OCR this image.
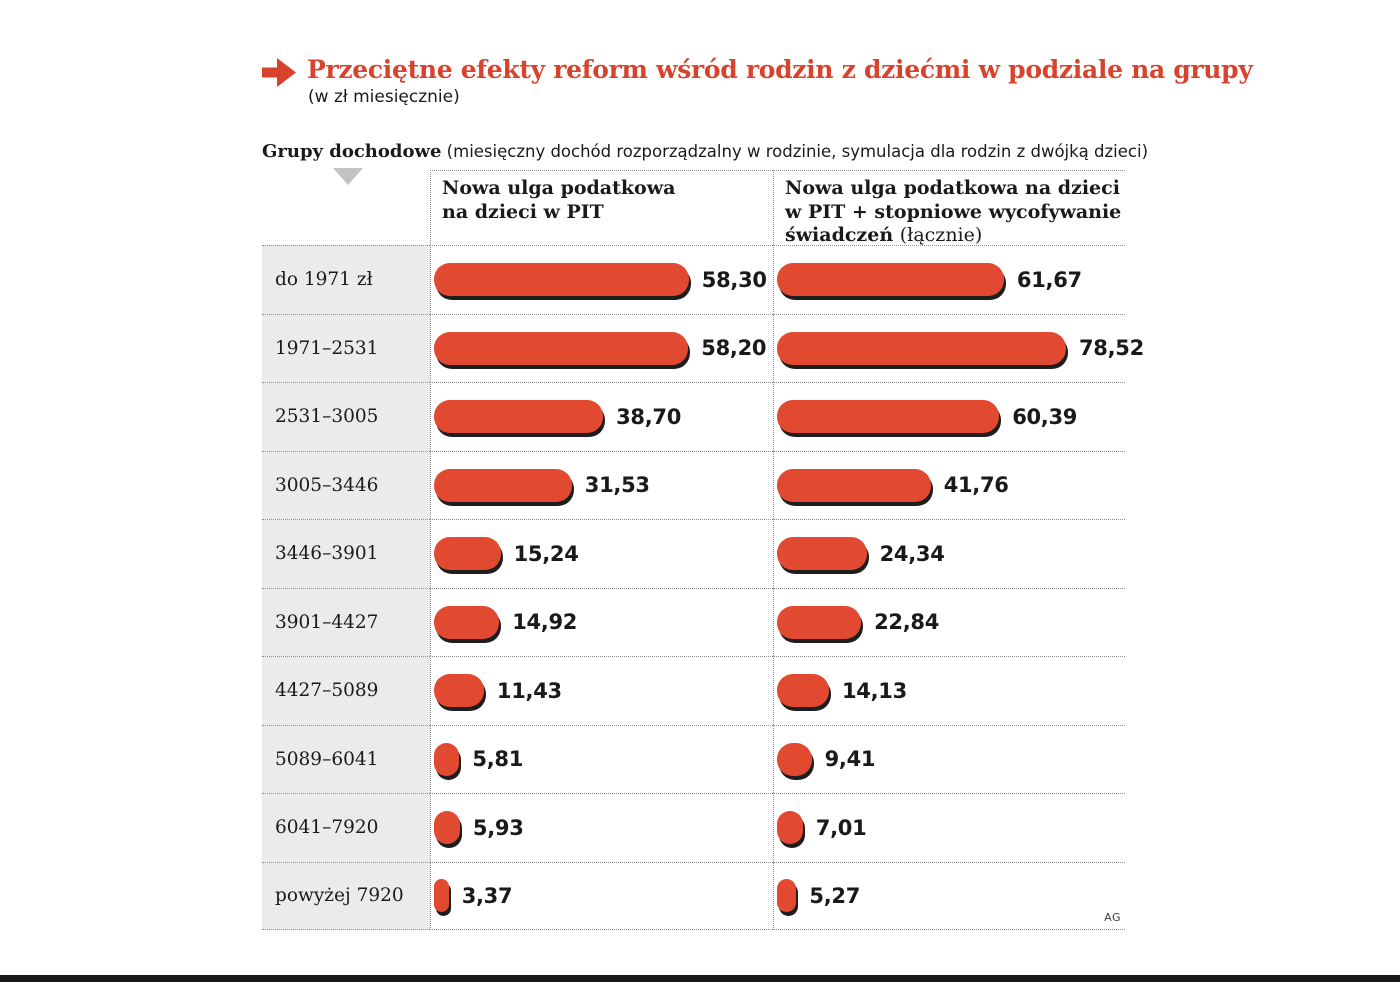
Przeciętne efekty reform wśród rodzin z dziećmi w podziale na grupy
(w zł miesięcznie)

Grupy dochodowe (miesięczny dochód rozporządzalny w rodzinie, symulacja dla rodzin z dwójką dzieci)

Nowa ulga podatkowa
na dzieci w PIT
Nowa ulga podatkowa na dzieci
w PIT + stopniowe wycofywanie
świadczeń (łącznie)
do 1971 zł	58,30	61,67
1971–2531	58,20	78,52
2531–3005	38,70	60,39
3005–3446	31,53	41,76
3446–3901	15,24	24,34
3901–4427	14,92	22,84
4427–5089	11,43	14,13
5089–6041	5,81	9,41
6041–7920	5,93	7,01
powyżej 7920	3,37	5,27
AG
